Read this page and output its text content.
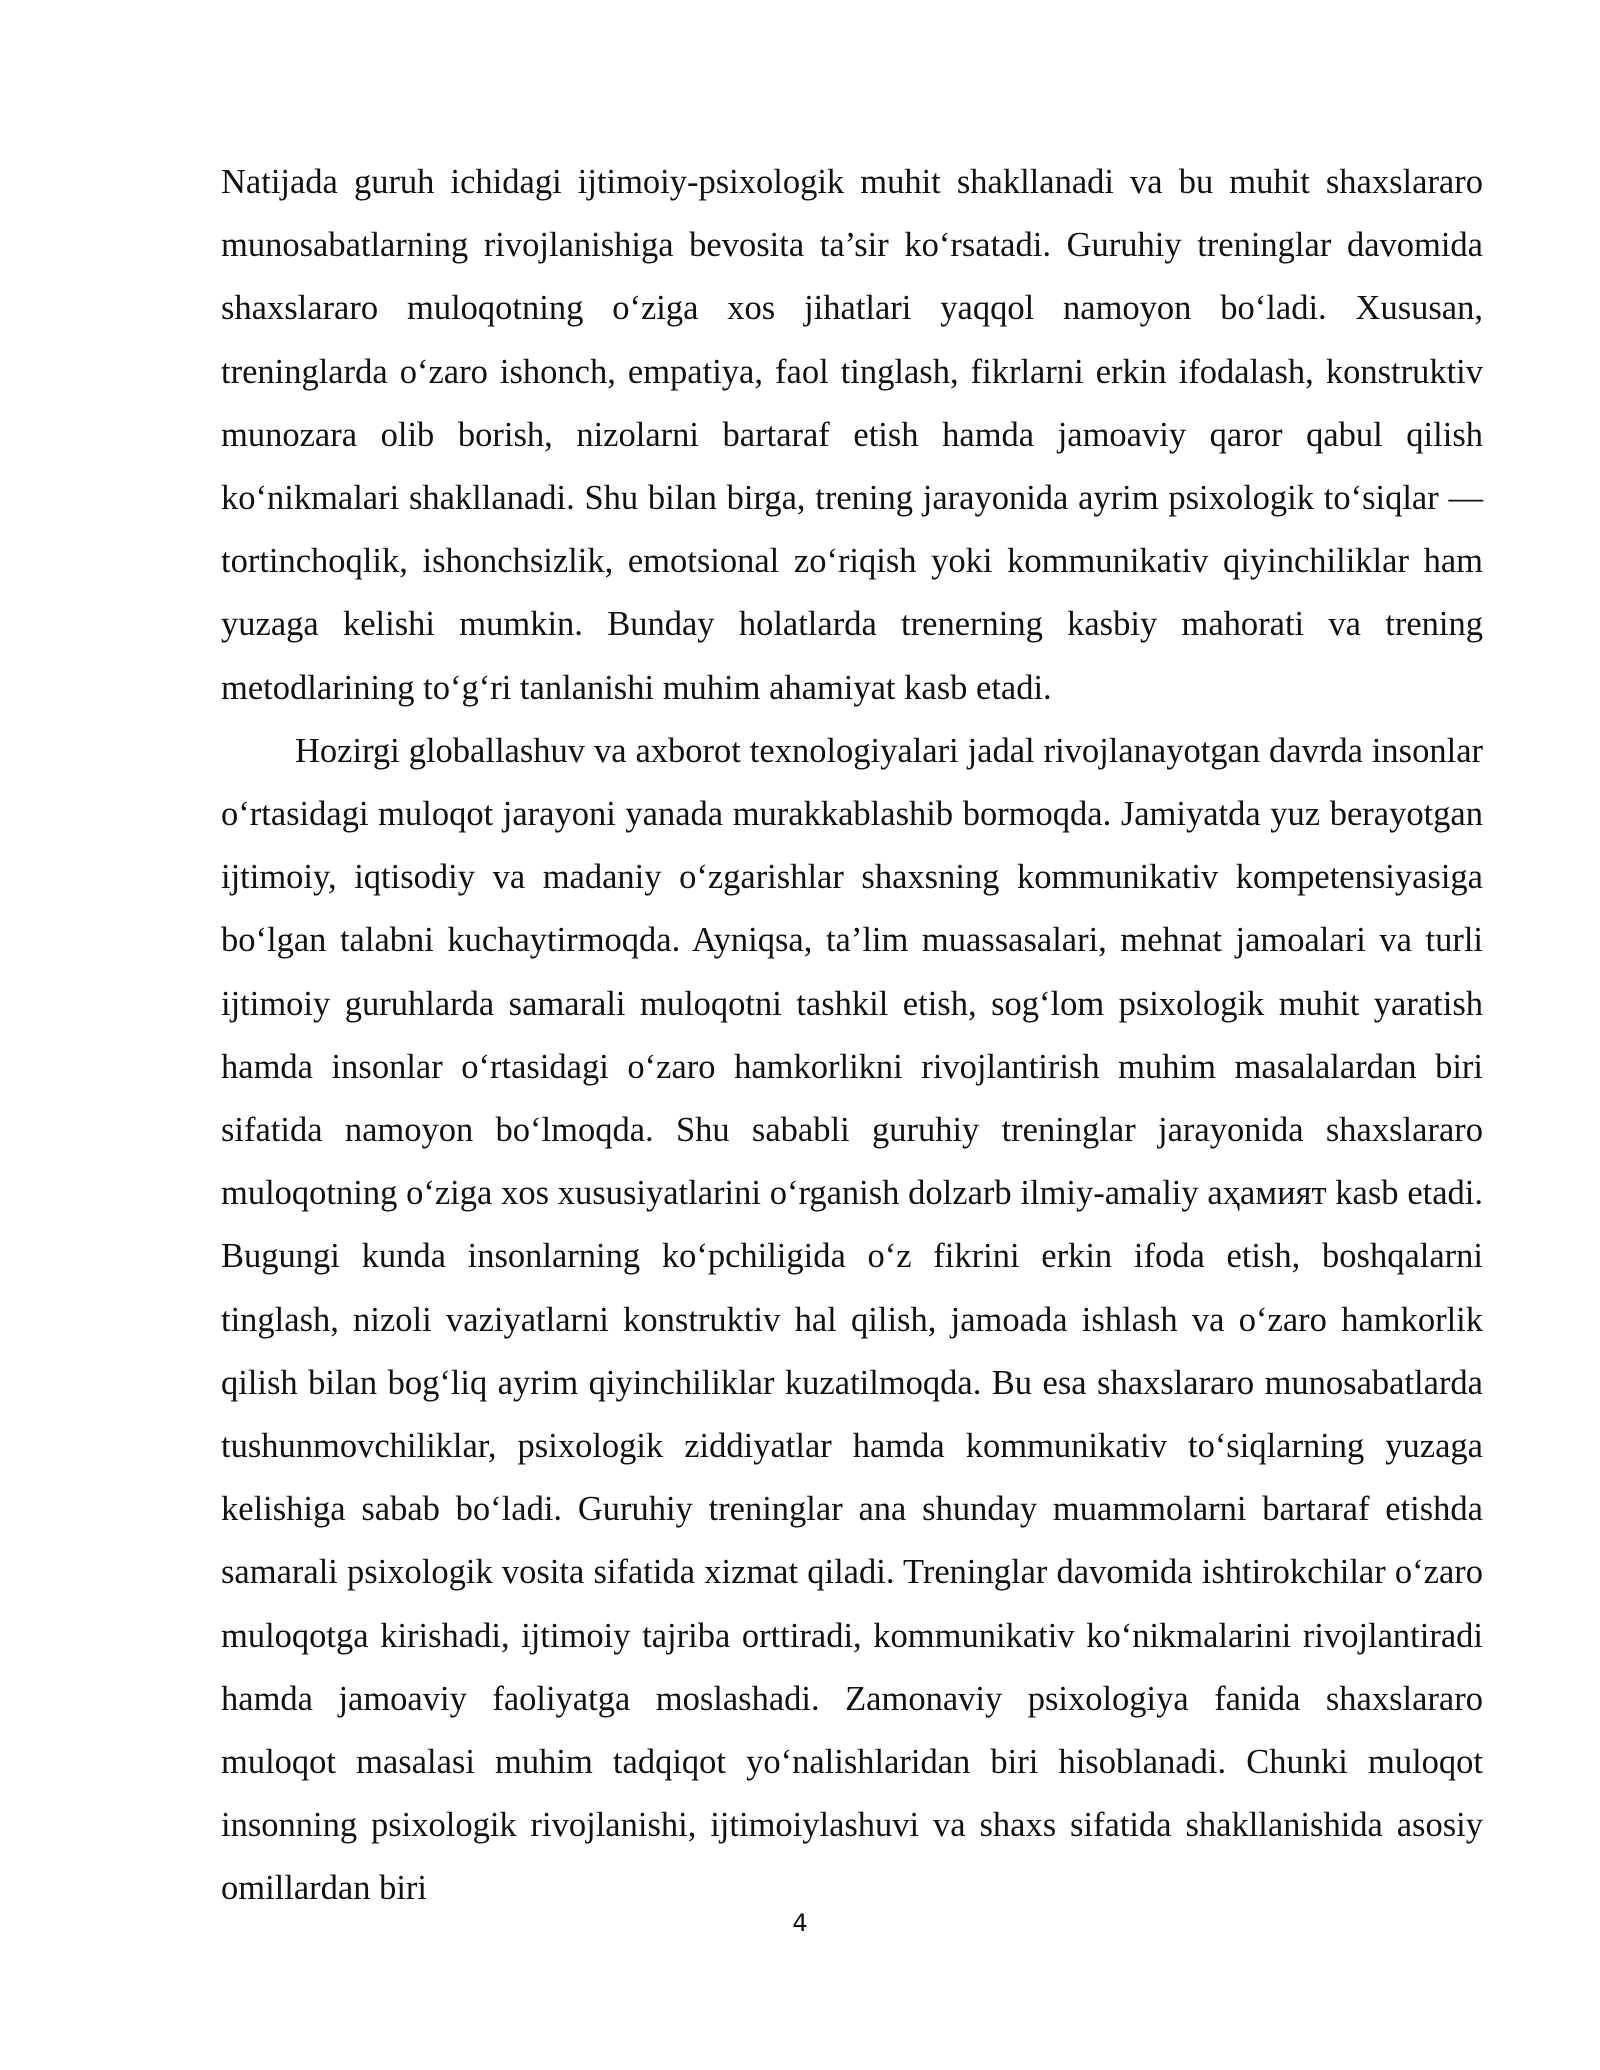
Natijada guruh ichidagi ijtimoiy-psixologik muhit shakllanadi va bu muhit shaxslararo munosabatlarning rivojlanishiga bevosita ta’sir ko‘rsatadi. Guruhiy treninglar davomida shaxslararo muloqotning o‘ziga xos jihatlari yaqqol namoyon bo‘ladi. Xususan, treninglarda o‘zaro ishonch, empatiya, faol tinglash, fikrlarni erkin ifodalash, konstruktiv munozara olib borish, nizolarni bartaraf etish hamda jamoaviy qaror qabul qilish ko‘nikmalari shakllanadi. Shu bilan birga, trening jarayonida ayrim psixologik to‘siqlar — tortinchoqlik, ishonchsizlik, emotsional zo‘riqish yoki kommunikativ qiyinchiliklar ham yuzaga kelishi mumkin. Bunday holatlarda trenerning kasbiy mahorati va trening metodlarining to‘g‘ri tanlanishi muhim ahamiyat kasb etadi.

Hozirgi globallashuv va axborot texnologiyalari jadal rivojlanayotgan davrda insonlar o‘rtasidagi muloqot jarayoni yanada murakkablashib bormoqda. Jamiyatda yuz berayotgan ijtimoiy, iqtisodiy va madaniy o‘zgarishlar shaxsning kommunikativ kompetensiyasiga bo‘lgan talabni kuchaytirmoqda. Ayniqsa, ta’lim muassasalari, mehnat jamoalari va turli ijtimoiy guruhlarda samarali muloqotni tashkil etish, sog‘lom psixologik muhit yaratish hamda insonlar o‘rtasidagi o‘zaro hamkorlikni rivojlantirish muhim masalalardan biri sifatida namoyon bo‘lmoqda. Shu sababli guruhiy treninglar jarayonida shaxslararo muloqotning o‘ziga xos xususiyatlarini o‘rganish dolzarb ilmiy-amaliy аҳамият kasb etadi. Bugungi kunda insonlarning ko‘pchiligida o‘z fikrini erkin ifoda etish, boshqalarni tinglash, nizoli vaziyatlarni konstruktiv hal qilish, jamoada ishlash va o‘zaro hamkorlik qilish bilan bog‘liq ayrim qiyinchiliklar kuzatilmoqda. Bu esa shaxslararo munosabatlarda tushunmovchiliklar, psixologik ziddiyatlar hamda kommunikativ to‘siqlarning yuzaga kelishiga sabab bo‘ladi. Guruhiy treninglar ana shunday muammolarni bartaraf etishda samarali psixologik vosita sifatida xizmat qiladi. Treninglar davomida ishtirokchilar o‘zaro muloqotga kirishadi, ijtimoiy tajriba orttiradi, kommunikativ ko‘nikmalarini rivojlantiradi hamda jamoaviy faoliyatga moslashadi. Zamonaviy psixologiya fanida shaxslararo muloqot masalasi muhim tadqiqot yo‘nalishlaridan biri hisoblanadi. Chunki muloqot insonning psixologik rivojlanishi, ijtimoiylashuvi va shaxs sifatida shakllanishida asosiy omillardan biri

4
